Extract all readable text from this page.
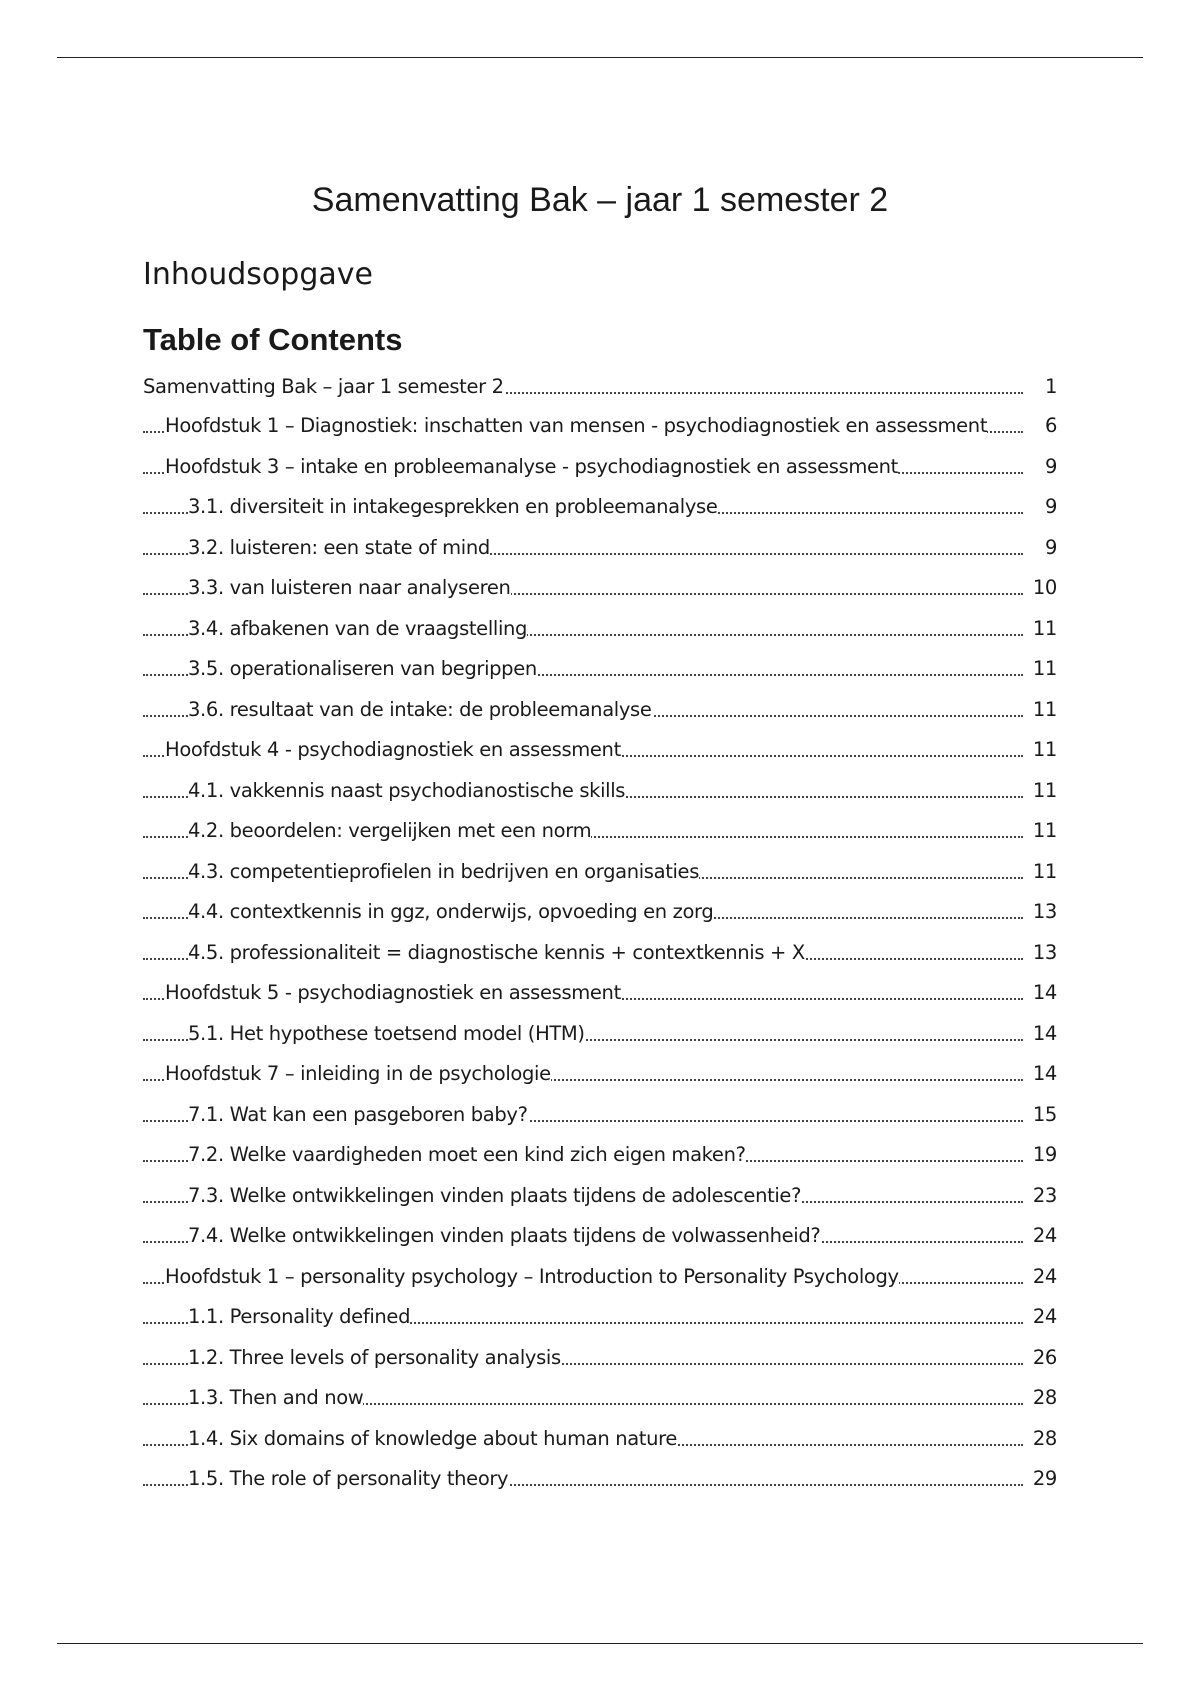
Samenvatting Bak – jaar 1 semester 2
Inhoudsopgave
Table of Contents
Samenvatting Bak – jaar 1 semester 2	1
Hoofdstuk 1 – Diagnostiek: inschatten van mensen - psychodiagnostiek en assessment	6
Hoofdstuk 3 – intake en probleemanalyse - psychodiagnostiek en assessment	9
3.1. diversiteit in intakegesprekken en probleemanalyse	9
3.2. luisteren: een state of mind	9
3.3. van luisteren naar analyseren	10
3.4. afbakenen van de vraagstelling	11
3.5. operationaliseren van begrippen	11
3.6. resultaat van de intake: de probleemanalyse	11
Hoofdstuk 4 - psychodiagnostiek en assessment	11
4.1. vakkennis naast psychodianostische skills	11
4.2. beoordelen: vergelijken met een norm	11
4.3. competentieprofielen in bedrijven en organisaties	11
4.4. contextkennis in ggz, onderwijs, opvoeding en zorg	13
4.5. professionaliteit = diagnostische kennis + contextkennis + X	13
Hoofdstuk 5 - psychodiagnostiek en assessment	14
5.1. Het hypothese toetsend model (HTM)	14
Hoofdstuk 7 – inleiding in de psychologie	14
7.1. Wat kan een pasgeboren baby?	15
7.2. Welke vaardigheden moet een kind zich eigen maken?	19
7.3. Welke ontwikkelingen vinden plaats tijdens de adolescentie?	23
7.4. Welke ontwikkelingen vinden plaats tijdens de volwassenheid?	24
Hoofdstuk 1 – personality psychology – Introduction to Personality Psychology	24
1.1. Personality defined	24
1.2. Three levels of personality analysis	26
1.3. Then and now	28
1.4. Six domains of knowledge about human nature	28
1.5. The role of personality theory	29
